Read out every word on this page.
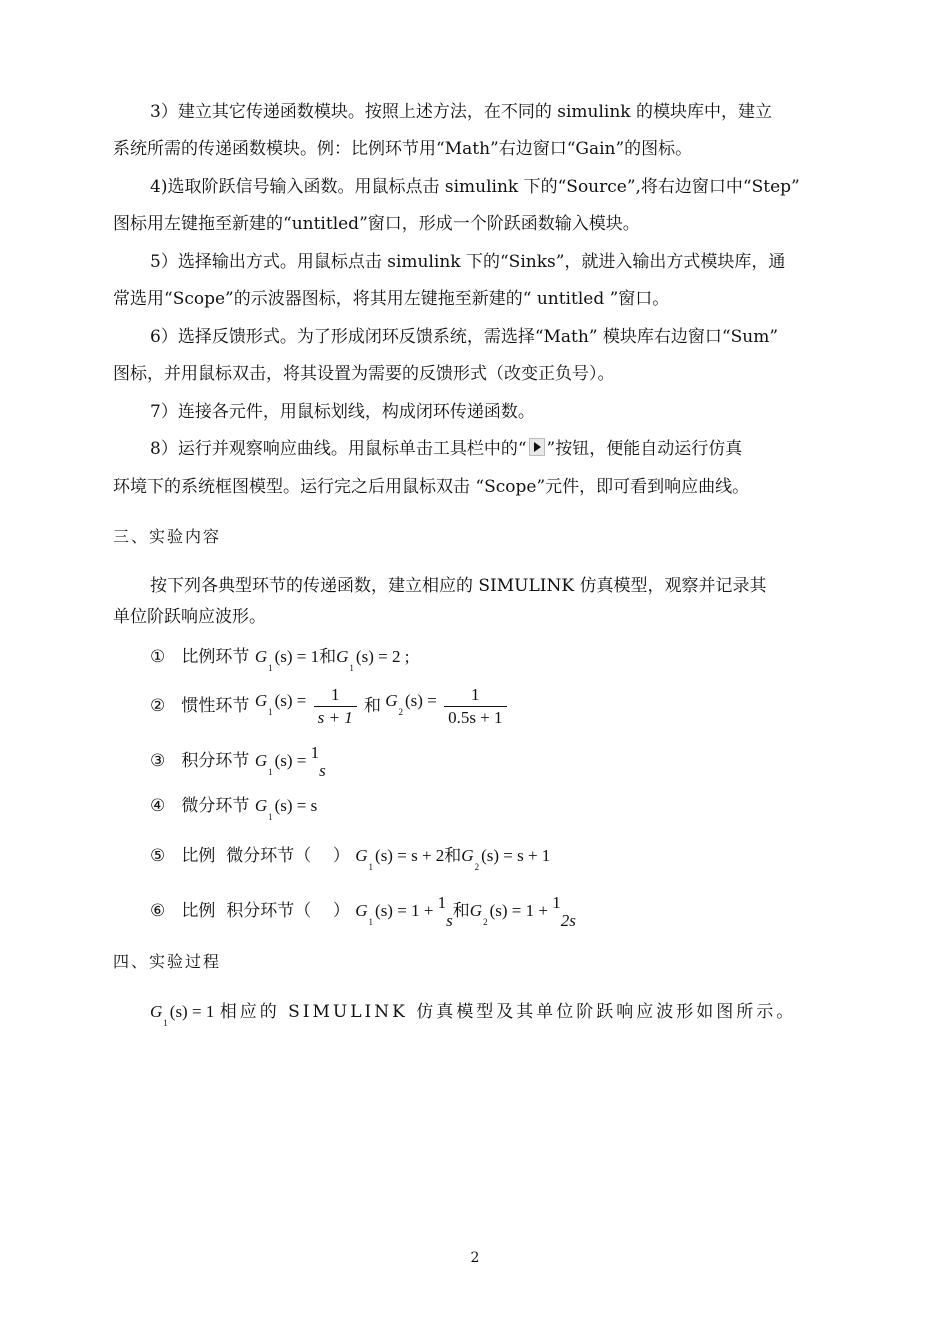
3）建立其它传递函数模块。按照上述方法，在不同的 simulink 的模块库中，建立
系统所需的传递函数模块。例：比例环节用“Math”右边窗口“Gain”的图标。
4)选取阶跃信号输入函数。用鼠标点击 simulink 下的“Source”,将右边窗口中“Step”
图标用左键拖至新建的“untitled”窗口，形成一个阶跃函数输入模块。
5）选择输出方式。用鼠标点击 simulink 下的“Sinks”，就进入输出方式模块库，通
常选用“Scope”的示波器图标，将其用左键拖至新建的“ untitled ”窗口。
6）选择反馈形式。为了形成闭环反馈系统，需选择“Math” 模块库右边窗口“Sum”
图标，并用鼠标双击，将其设置为需要的反馈形式（改变正负号）。
7）连接各元件，用鼠标划线，构成闭环传递函数。
8）运行并观察响应曲线。用鼠标单击工具栏中的“ ”按钮，便能自动运行仿真
环境下的系统框图模型。运行完之后用鼠标双击 “Scope”元件，即可看到响应曲线。
三、实验内容
按下列各典型环节的传递函数，建立相应的 SIMULINK 仿真模型，观察并记录其
单位阶跃响应波形。
① 比例环节 $G_1(s) = 1$和$G_1(s) = 2$ ;
② 惯性环节 $G_1(s) = \frac{1}{s + 1}$ 和 $G_2(s) = \frac{1}{0.5s + 1}$
③ 积分环节 $G_1(s) = 1s$
④ 微分环节 $G_1(s) = s$
⑤ 比例  微分环节（    ） $G_1(s) = s + 2$和$G_2(s) = s + 1$
⑥ 比例  积分环节（    ） $G_1(s) = 1 + 1s$和$G_2(s) = 1 + 12s$
四、实验过程
$G_1(s) = 1$ 相应的 SIMULINK 仿真模型及其单位阶跃响应波形如图所示。
2
